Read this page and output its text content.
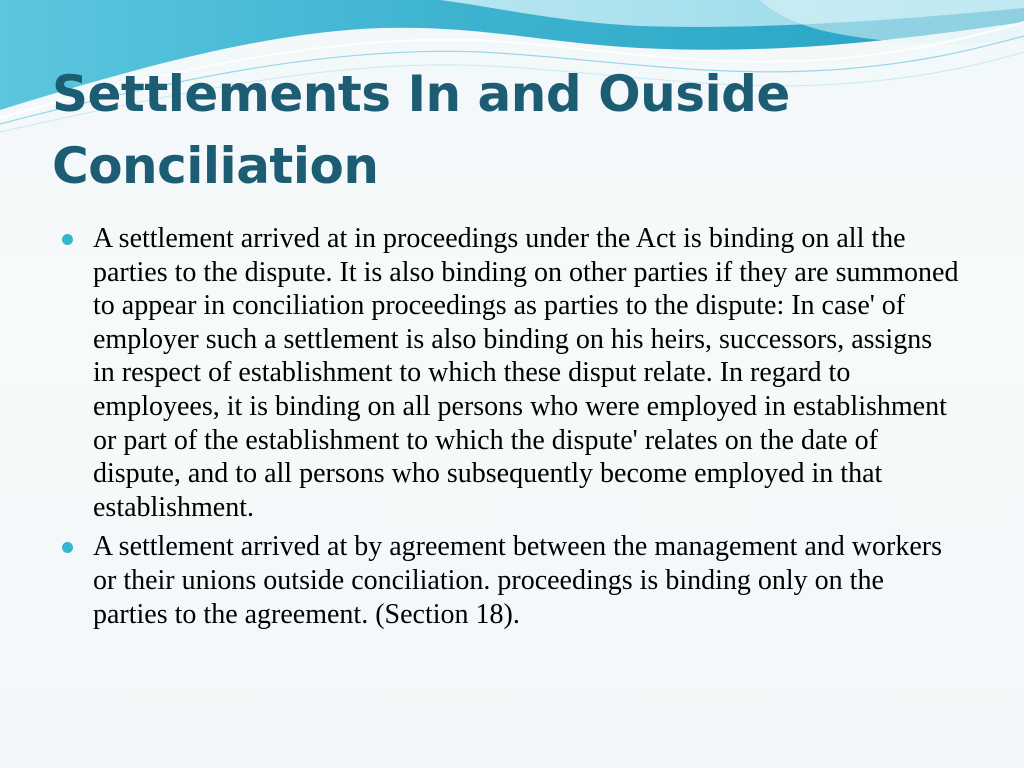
Settlements In and Ouside
Conciliation
A settlement arrived at in proceedings under the Act is binding on all the parties to the dispute. It is also binding on other parties if they are summoned to appear in conciliation proceedings as parties to the dispute: In case' of employer such a settlement is also binding on his heirs, successors, assigns in respect of establishment to which these disput relate. In regard to employees, it is binding on all persons who were employed in establishment or part of the establishment to which the dispute' relates on the date of dispute, and to all persons who subsequently become employed in that establishment.
A settlement arrived at by agreement between the management and workers or their unions outside conciliation. proceedings is binding only on the parties to the agreement. (Section 18).
